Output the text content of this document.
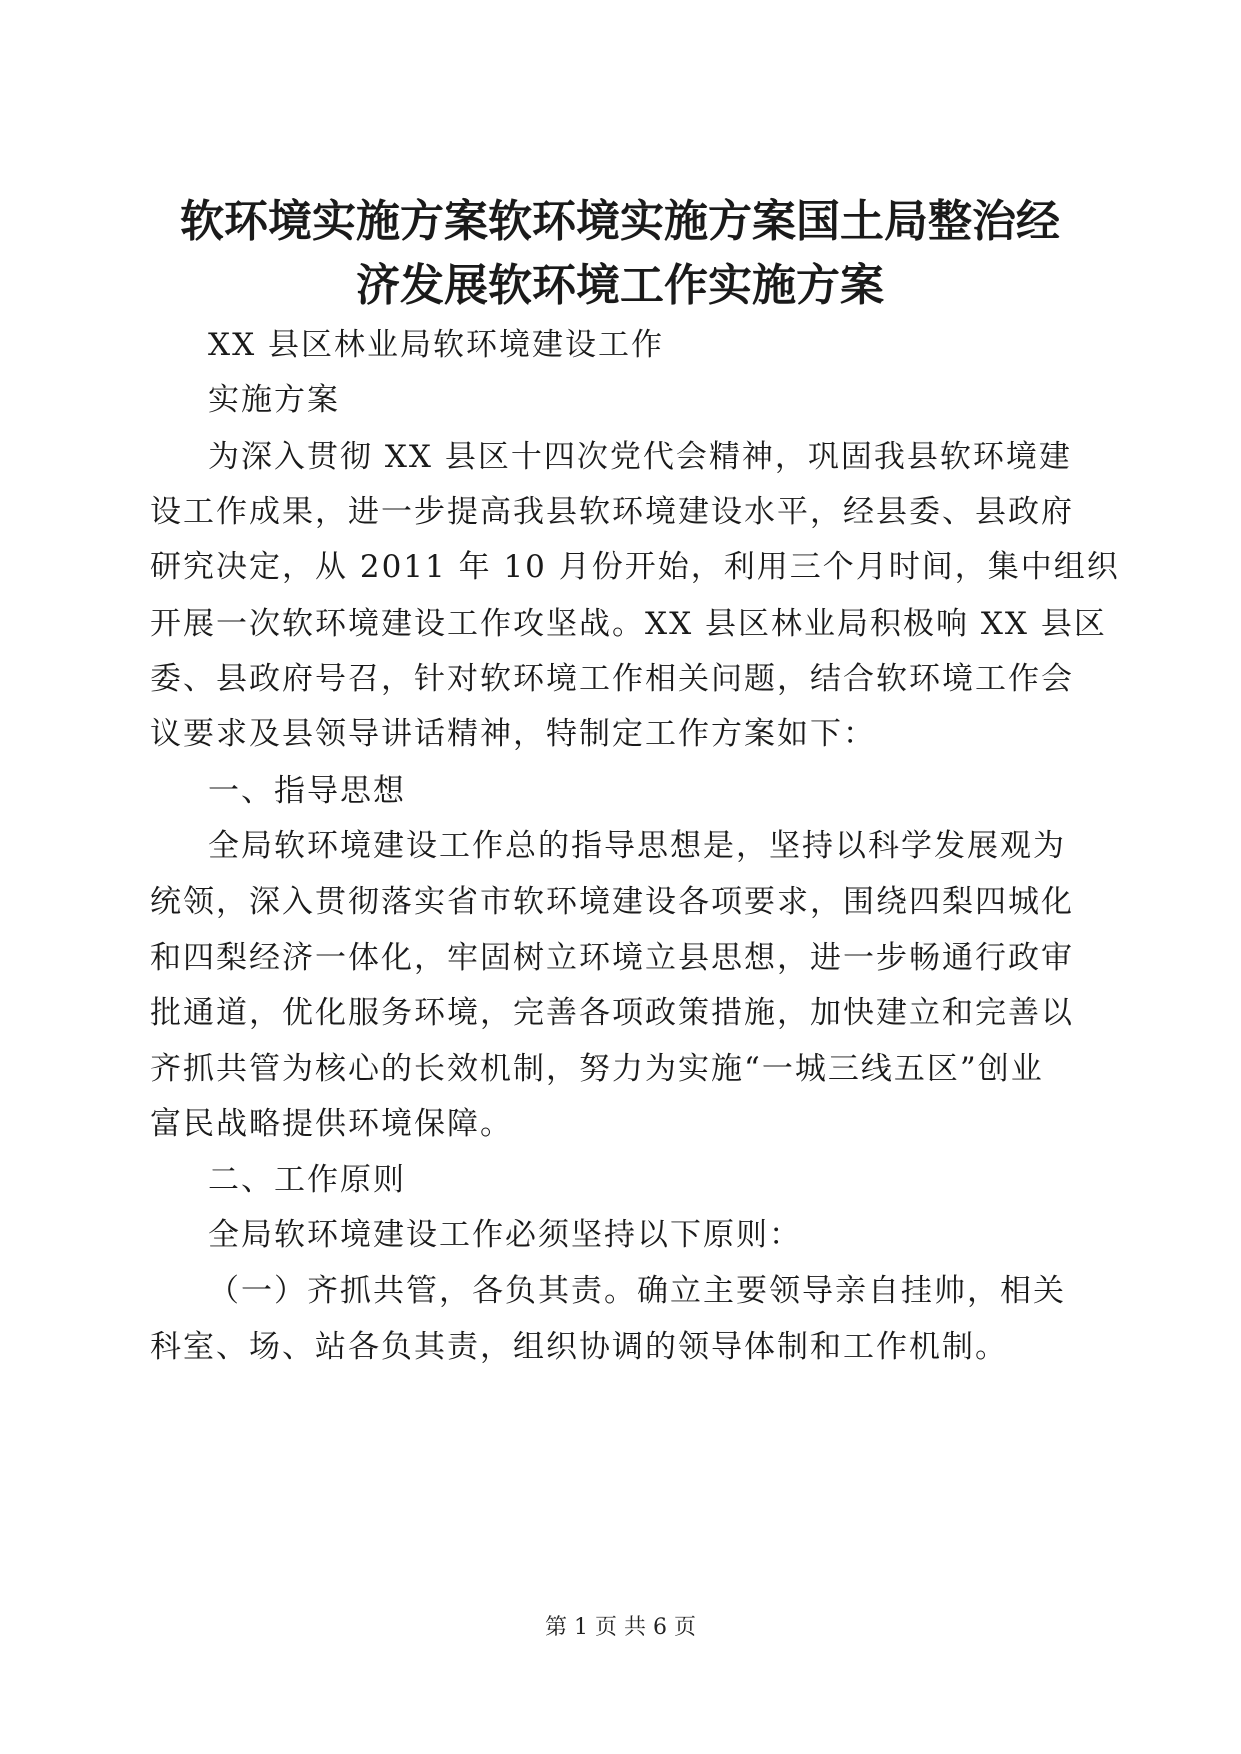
软环境实施方案软环境实施方案国土局整治经
济发展软环境工作实施方案
XX 县区林业局软环境建设工作
实施方案
为深入贯彻 XX 县区十四次党代会精神，巩固我县软环境建
设工作成果，进一步提高我县软环境建设水平，经县委、县政府
研究决定，从 2011 年 10 月份开始，利用三个月时间，集中组织
开展一次软环境建设工作攻坚战。XX 县区林业局积极响 XX 县区
委、县政府号召，针对软环境工作相关问题，结合软环境工作会
议要求及县领导讲话精神，特制定工作方案如下：
一、指导思想
全局软环境建设工作总的指导思想是，坚持以科学发展观为
统领，深入贯彻落实省市软环境建设各项要求，围绕四梨四城化
和四梨经济一体化，牢固树立环境立县思想，进一步畅通行政审
批通道，优化服务环境，完善各项政策措施，加快建立和完善以
齐抓共管为核心的长效机制，努力为实施“一城三线五区”创业
富民战略提供环境保障。
二、工作原则
全局软环境建设工作必须坚持以下原则：
（一）齐抓共管，各负其责。确立主要领导亲自挂帅，相关
科室、场、站各负其责，组织协调的领导体制和工作机制。
第 1 页 共 6 页
